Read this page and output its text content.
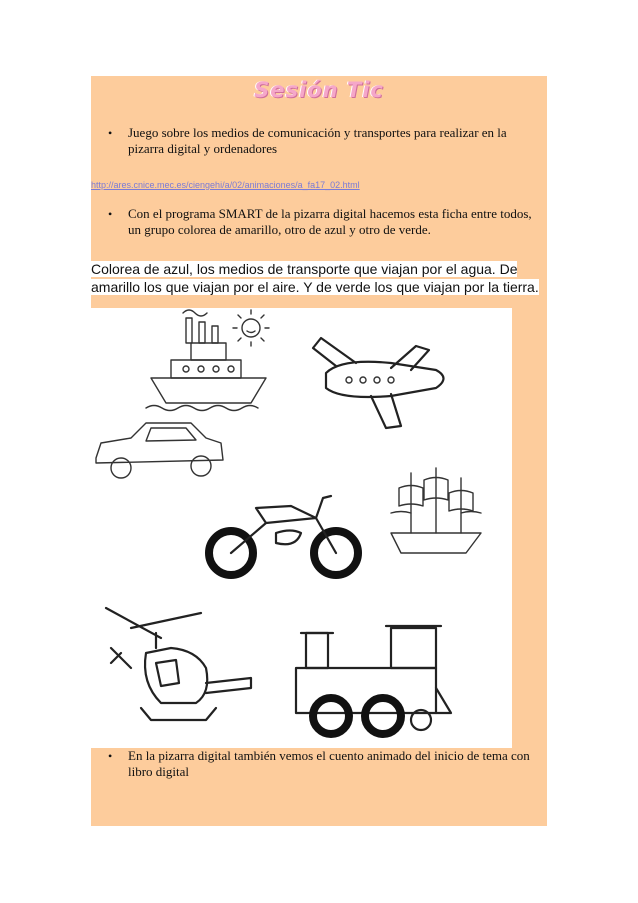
Sesión Tic
•	Juego sobre los medios de comunicación y transportes para realizar en la pizarra digital y ordenadores
http://ares.cnice.mec.es/ciengehi/a/02/animaciones/a_fa17_02.html
•	Con el programa SMART de la pizarra digital hacemos esta ficha entre todos, un grupo colorea de amarillo, otro de azul y otro de verde.
Colorea de azul, los medios de transporte que viajan por el agua. De
amarillo los que viajan por el aire. Y de verde los que viajan por la tierra.
•	En la pizarra digital también vemos el cuento animado del inicio de tema con libro digital
